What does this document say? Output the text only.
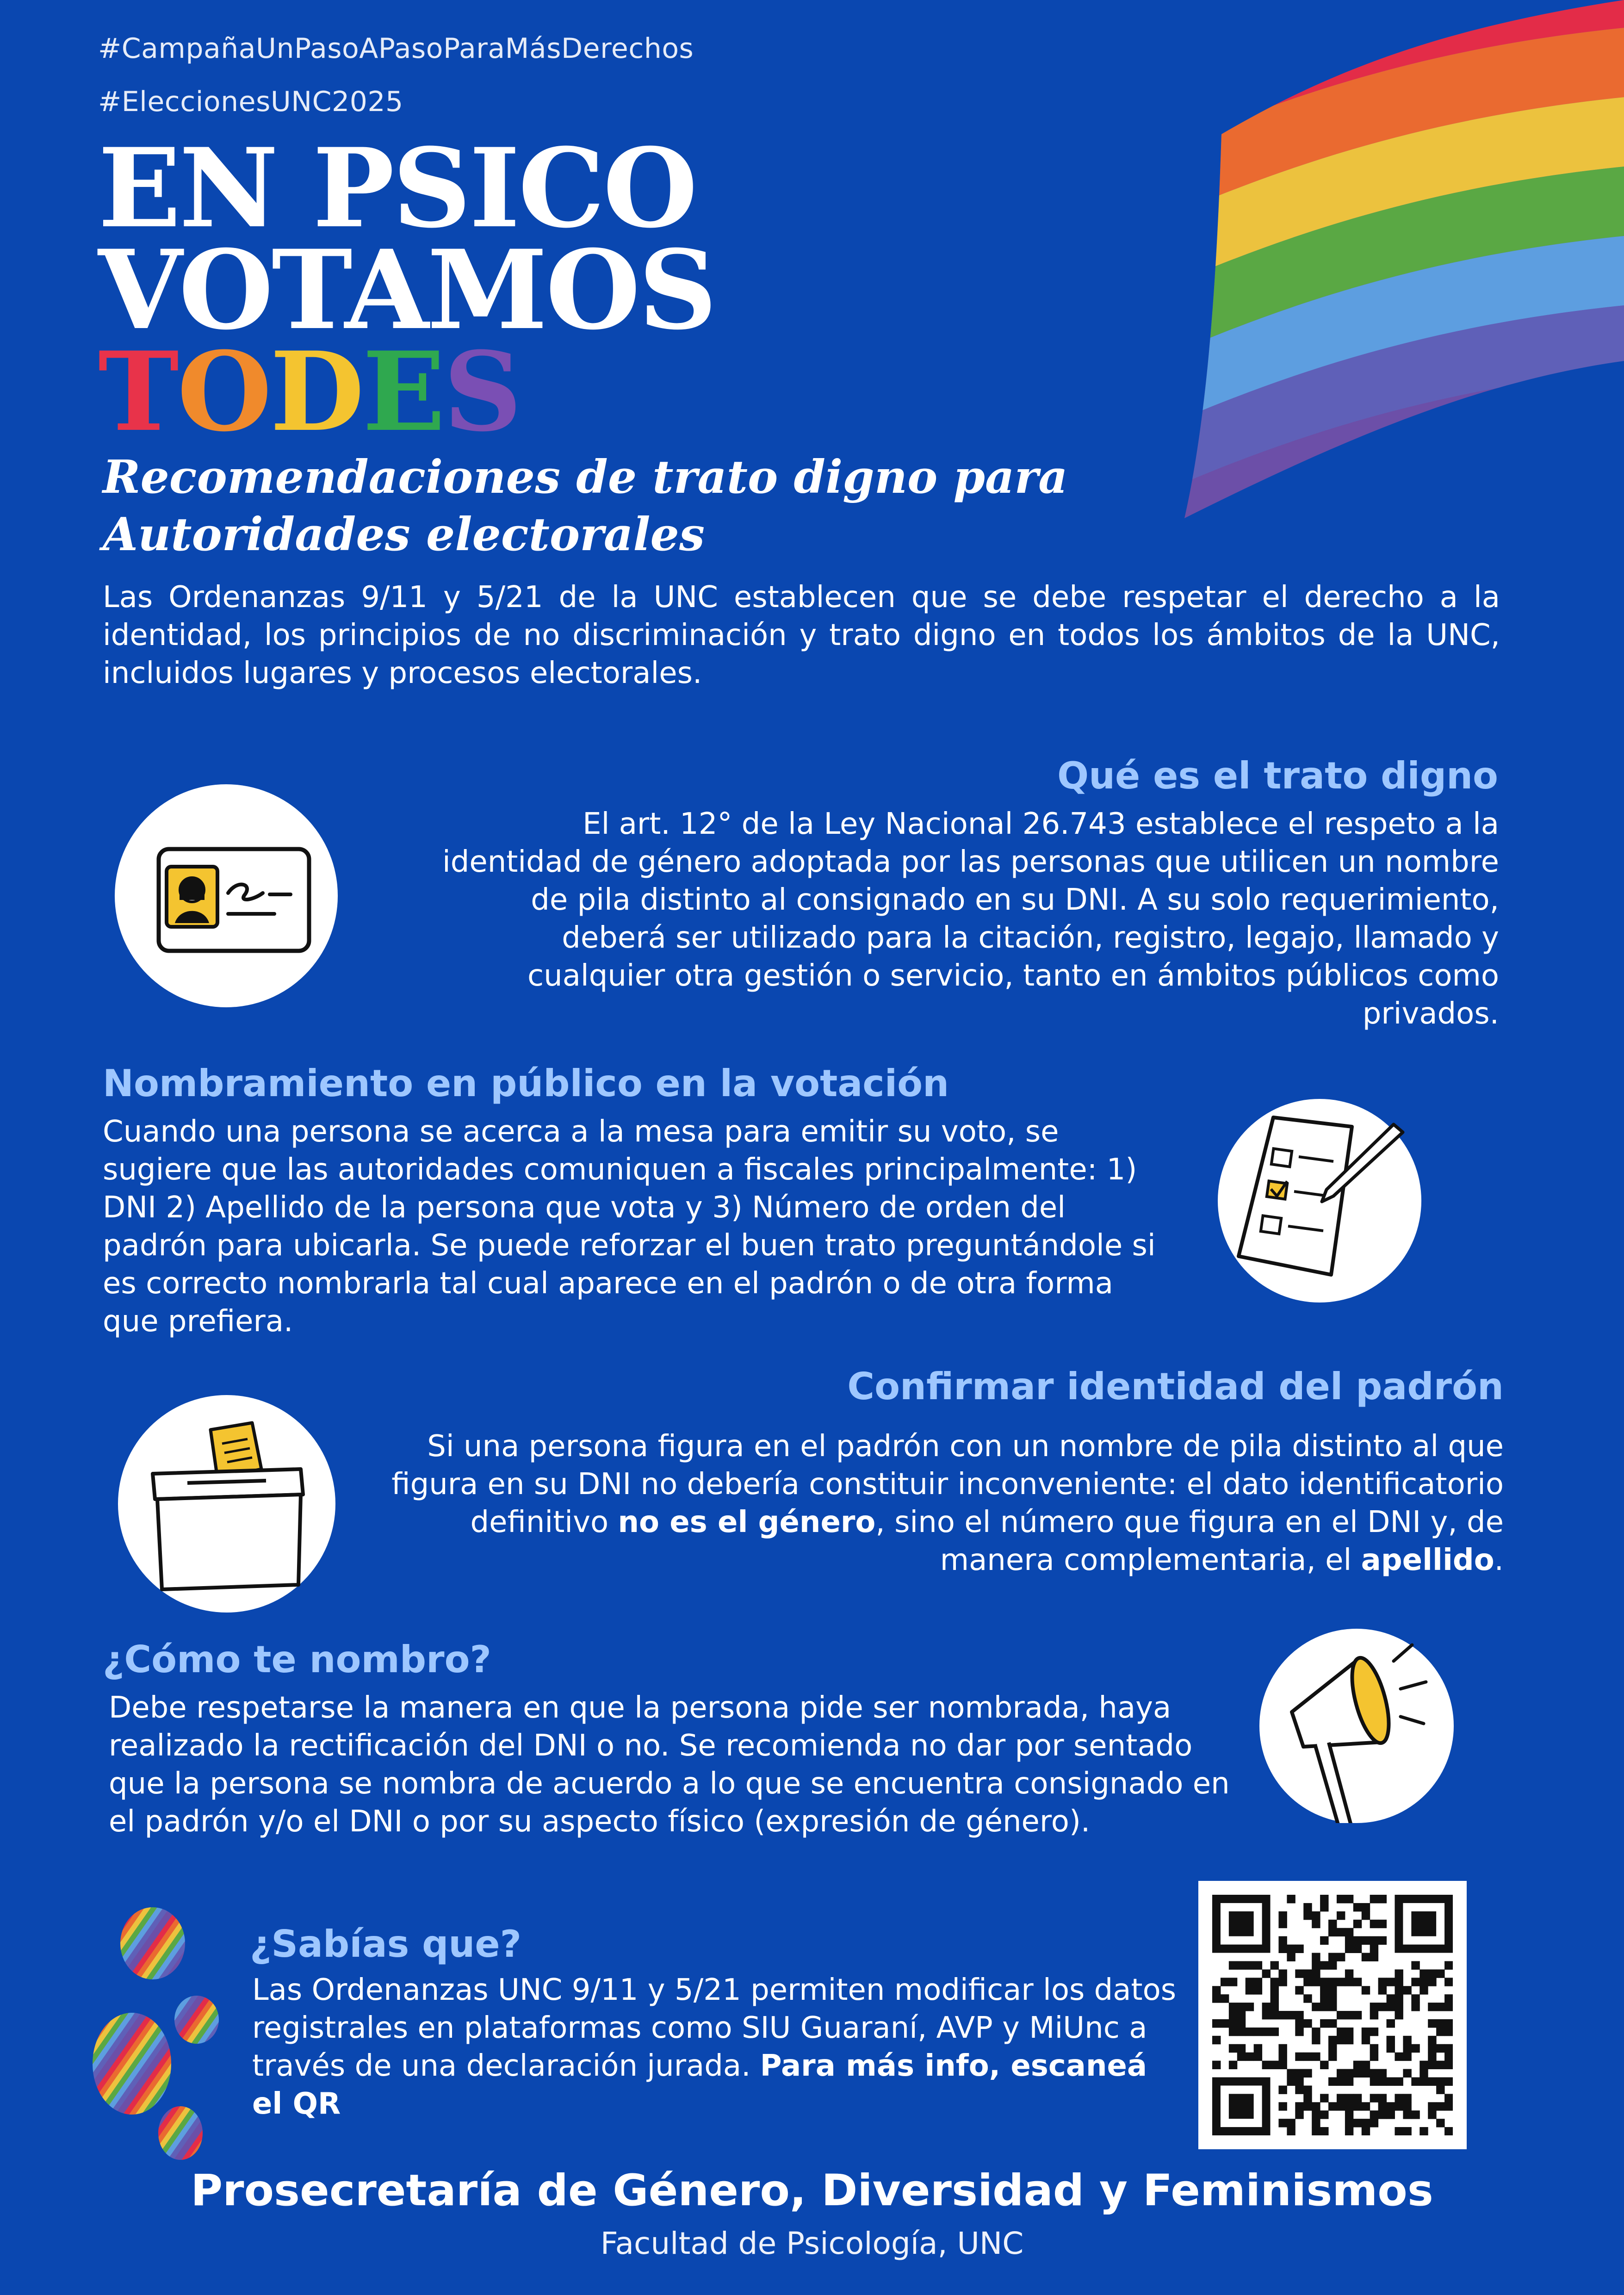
#CampañaUnPasoAPasoParaMásDerechos
#EleccionesUNC2025
EN PSICO
VOTAMOS
TODES
Recomendaciones de trato digno para
Autoridades electorales
Las Ordenanzas 9/11 y 5/21 de la UNC establecen que se debe respetar el derecho a la identidad, los principios de no discriminación y trato digno en todos los ámbitos de la UNC, incluidos lugares y procesos electorales.
Qué es el trato digno
El art. 12° de la Ley Nacional 26.743 establece el respeto a la identidad de género adoptada por las personas que utilicen un nombre de pila distinto al consignado en su DNI. A su solo requerimiento, deberá ser utilizado para la citación, registro, legajo, llamado y cualquier otra gestión o servicio, tanto en ámbitos públicos como privados.
Nombramiento en público en la votación
Cuando una persona se acerca a la mesa para emitir su voto, se sugiere que las autoridades comuniquen a fiscales principalmente: 1) DNI 2) Apellido de la persona que vota y 3) Número de orden del padrón para ubicarla. Se puede reforzar el buen trato preguntándole si es correcto nombrarla tal cual aparece en el padrón o de otra forma que prefiera.
Confirmar identidad del padrón
Si una persona figura en el padrón con un nombre de pila distinto al que figura en su DNI no debería constituir inconveniente: el dato identificatorio definitivo no es el género, sino el número que figura en el DNI y, de manera complementaria, el apellido.
¿Cómo te nombro?
Debe respetarse la manera en que la persona pide ser nombrada, haya realizado la rectificación del DNI o no. Se recomienda no dar por sentado que la persona se nombra de acuerdo a lo que se encuentra consignado en el padrón y/o el DNI o por su aspecto físico (expresión de género).
¿Sabías que?
Las Ordenanzas UNC 9/11 y 5/21 permiten modificar los datos registrales en plataformas como SIU Guaraní, AVP y MiUnc a través de una declaración jurada. Para más info, escaneá el QR
Prosecretaría de Género, Diversidad y Feminismos
Facultad de Psicología, UNC
